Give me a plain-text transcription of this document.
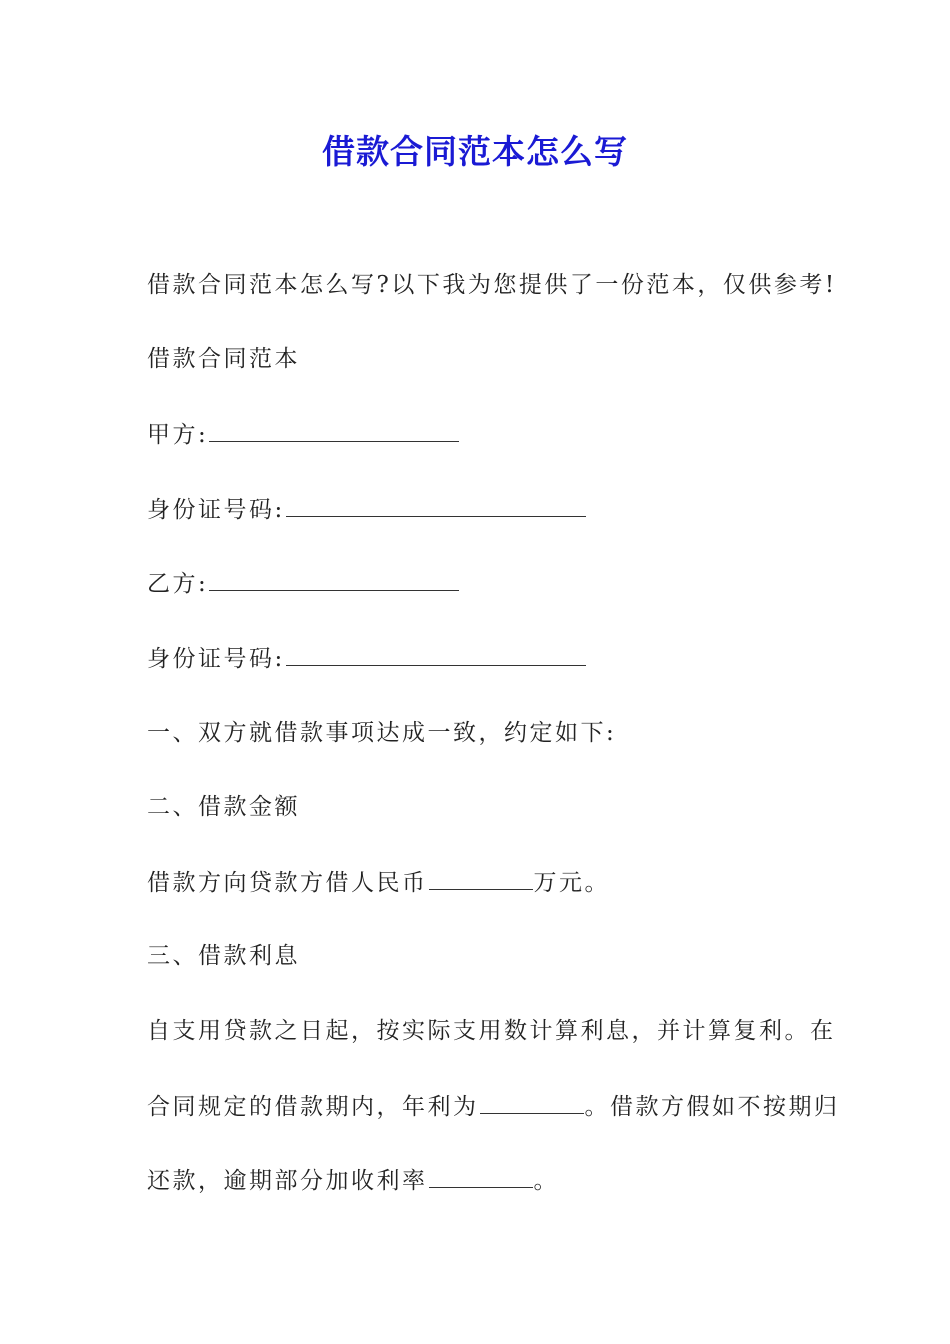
借款合同范本怎么写
借款合同范本怎么写?以下我为您提供了一份范本，仅供参考!
借款合同范本
甲方:
身份证号码:
乙方:
身份证号码:
一、双方就借款事项达成一致，约定如下:
二、借款金额
借款方向贷款方借人民币	万元。
三、借款利息
自支用贷款之日起，按实际支用数计算利息，并计算复利。在
合同规定的借款期内，年利为	。借款方假如不按期归
还款，逾期部分加收利率	。
